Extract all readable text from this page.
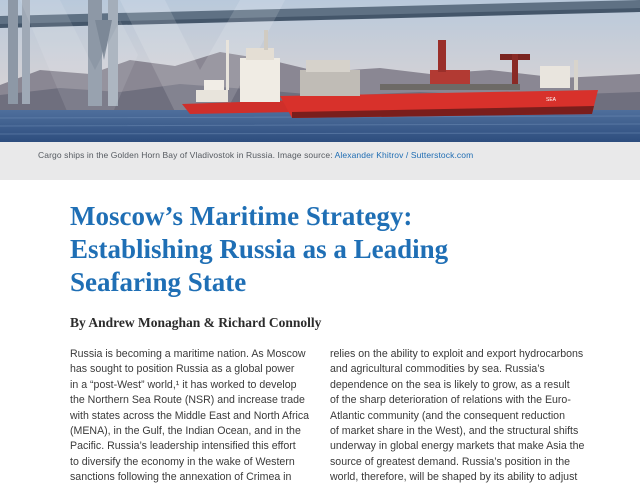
SEA
Cargo ships in the Golden Horn Bay of Vladivostok in Russia. Image source: Alexander Khitrov / Sutterstock.com
Moscow’s Maritime Strategy:
Establishing Russia as a Leading
Seafaring State
By Andrew Monaghan & Richard Connolly
Russia is becoming a maritime nation. As Moscow
has sought to position Russia as a global power
in a “post-West” world,¹ it has worked to develop
the Northern Sea Route (NSR) and increase trade
with states across the Middle East and North Africa
(MENA), in the Gulf, the Indian Ocean, and in the
Pacific. Russia’s leadership intensified this effort
to diversify the economy in the wake of Western
sanctions following the annexation of Crimea in
relies on the ability to exploit and export hydrocarbons
and agricultural commodities by sea. Russia’s
dependence on the sea is likely to grow, as a result
of the sharp deterioration of relations with the Euro-
Atlantic community (and the consequent reduction
of market share in the West), and the structural shifts
underway in global energy markets that make Asia the
source of greatest demand. Russia’s position in the
world, therefore, will be shaped by its ability to adjust
